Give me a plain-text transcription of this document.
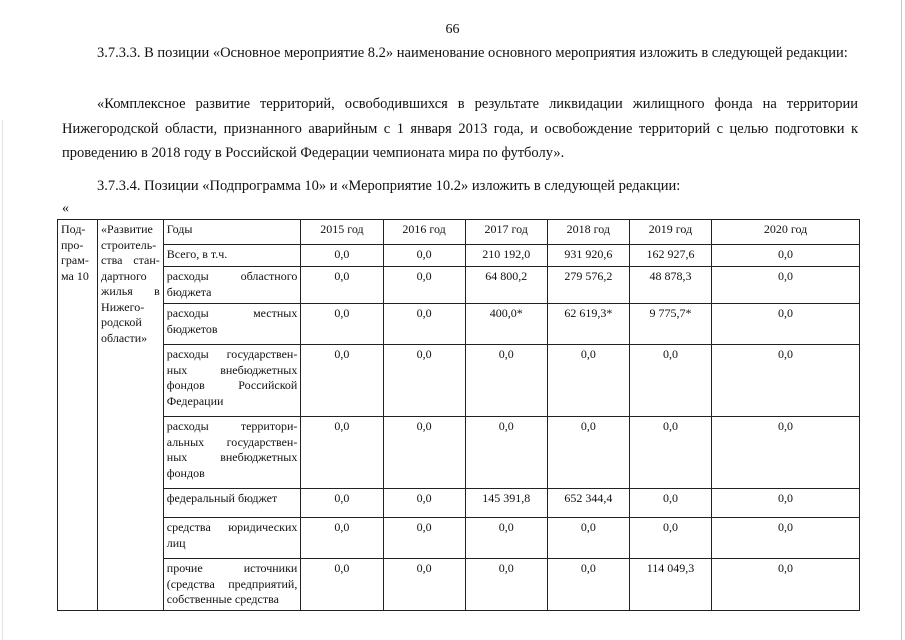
66
3.7.3.3. В позиции «Основное мероприятие 8.2» наименование основного мероприятия изложить в следующей редакции:
«Комплексное развитие территорий, освободившихся в результате ликвидации жилищного фонда на территории Нижегородской области, признанного аварийным с 1 января 2013 года, и освобождение территорий с целью подготовки к проведению в 2018 году в Российской Федерации чемпионата мира по футболу».
3.7.3.4. Позиции «Подпрограмма 10» и «Мероприятие 10.2» изложить в следующей редакции:
«
Под-про-грам-ма 10	«Развитие строитель-ства стан-дартного жилья в Нижего-родской области»	Годы	2015 год	2016 год	2017 год	2018 год	2019 год	2020 год
		Всего, в т.ч.	0,0	0,0	210 192,0	931 920,6	162 927,6	0,0
		расходы областного бюджета	0,0	0,0	64 800,2	279 576,2	48 878,3	0,0
		расходы местных бюджетов	0,0	0,0	400,0*	62 619,3*	9 775,7*	0,0
		расходы государствен-ных внебюджетных фондов Российской Федерации	0,0	0,0	0,0	0,0	0,0	0,0
		расходы территори-альных государствен-ных внебюджетных фондов	0,0	0,0	0,0	0,0	0,0	0,0
		федеральный бюджет	0,0	0,0	145 391,8	652 344,4	0,0	0,0
		средства юридических лиц	0,0	0,0	0,0	0,0	0,0	0,0
		прочие источники (средства предприятий, собственные средства	0,0	0,0	0,0	0,0	114 049,3	0,0
